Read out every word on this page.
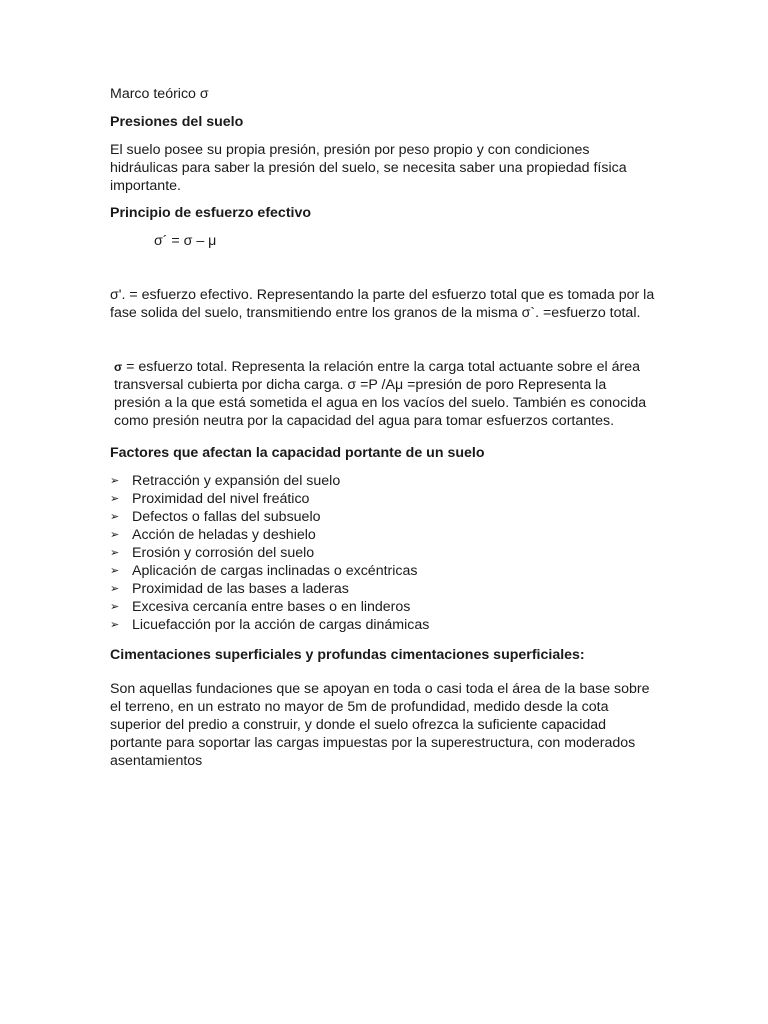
Marco teórico σ

Presiones del suelo

El suelo posee su propia presión, presión por peso propio y con condiciones hidráulicas para saber la presión del suelo, se necesita saber una propiedad física importante.

Principio de esfuerzo efectivo

σ´ = σ – μ

σ'. = esfuerzo efectivo. Representando la parte del esfuerzo total que es tomada por la fase solida del suelo, transmitiendo entre los granos de la misma σ`. =esfuerzo total.

σ = esfuerzo total. Representa la relación entre la carga total actuante sobre el área transversal cubierta por dicha carga. σ =P /Aμ =presión de poro Representa la presión a la que está sometida el agua en los vacíos del suelo. También es conocida como presión neutra por la capacidad del agua para tomar esfuerzos cortantes.

Factores que afectan la capacidad portante de un suelo

➢ Retracción y expansión del suelo
➢ Proximidad del nivel freático
➢ Defectos o fallas del subsuelo
➢ Acción de heladas y deshielo
➢ Erosión y corrosión del suelo
➢ Aplicación de cargas inclinadas o excéntricas
➢ Proximidad de las bases a laderas
➢ Excesiva cercanía entre bases o en linderos
➢ Licuefacción por la acción de cargas dinámicas

Cimentaciones superficiales y profundas cimentaciones superficiales:

Son aquellas fundaciones que se apoyan en toda o casi toda el área de la base sobre el terreno, en un estrato no mayor de 5m de profundidad, medido desde la cota superior del predio a construir, y donde el suelo ofrezca la suficiente capacidad portante para soportar las cargas impuestas por la superestructura, con moderados asentamientos
